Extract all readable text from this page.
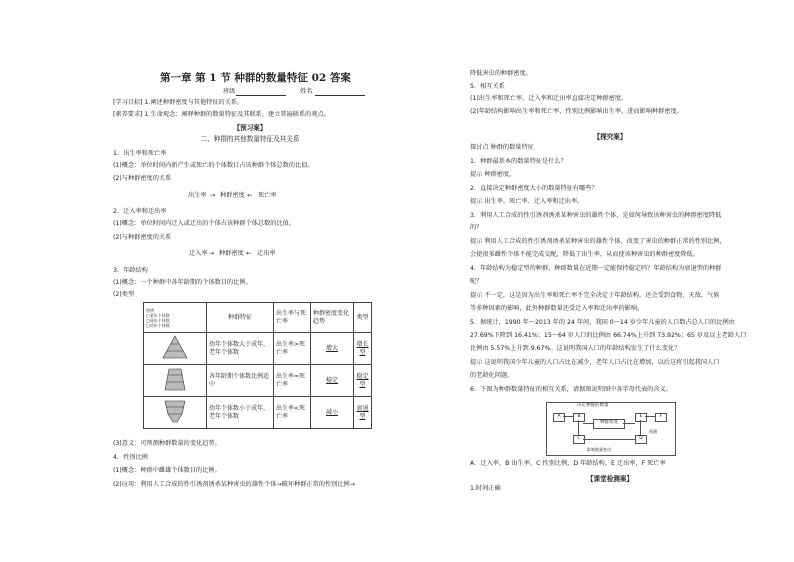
第一章 第 1 节 种群的数量特征 02 答案
班级	姓名
[学习目标] 1.阐述种群密度与其他特征的关系。
[素养要求] 1.生命观念：阐释种群的数量特征及其联系，建立普遍联系的观点。
【预习案】
二、种群的其他数量特征及其关系
1．出生率和死亡率
(1)概念：单位时间内新产生或死亡的个体数目占该种群个体总数的比值。
(2)与种群密度的关系
出生率 → 种群密度 ← 死亡率
2．迁入率和迁出率
(1)概念：单位时间内迁入或迁出的个体占该种群个体总数的比值。
(2)与种群密度的关系
迁入率 → 种群密度 ← 迁出率
3．年龄结构
(1)概念：一个种群中各年龄期的个体数目的比例。
(2)类型
图例
□老年个体数
□成年个体数
□幼年个体数	种群特征	出生率与死亡率	种群密度变化趋势	类型
	幼年个体数大于成年、老年个体数	出生率>死亡率	增大	增长型
	各年龄期个体数比例适中	出生率≈死亡率	稳定	稳定型
	幼年个体数小于成年、老年个体数	出生率<死亡率	减小	衰退型
(3)意义：可预测种群数量的变化趋势。
4．性别比例
(1)概念：种群中雌雄个体数目的比例。
(2)应用：利用人工合成的性引诱剂诱杀某种害虫的雄性个体→破坏种群正常的性别比例→
降低害虫的种群密度。
5．相互关系
(1)出生率和死亡率、迁入率和迁出率直接决定种群密度。
(2)年龄结构影响出生率和死亡率，性别比例影响出生率，进而影响种群密度。
【探究案】
探讨点 种群的数量特征
1．种群最基本的数量特征是什么？
提示 种群密度。
2．直接决定种群密度大小的数量特征有哪些？
提示 出生率、死亡率、迁入率和迁出率。
3．利用人工合成的性引诱剂诱杀某种害虫的雄性个体，是如何导致该种害虫的种群密度降低
的？
提示 利用人工合成的性引诱剂诱杀某种害虫的雄性个体，改变了害虫的种群正常的性别比例，
会使很多雌性个体不能完成交配，降低了出生率，从而使该种害虫的种群密度降低。
4．年龄结构为稳定型的种群，种群数量在近期一定能保持稳定吗？年龄结构为衰退型的种群
呢？
提示 不一定，这是因为出生率和死亡率不完全决定于年龄结构，还会受到食物、天敌、气候
等多种因素的影响，此外种群数量还受迁入率和迁出率的影响。
5．据统计，1990 年～2013 年的 24 年间，我国 0～14 岁少年儿童的人口数占总人口的比例由
27.69%下降到 16.41%；15～64 岁人口的比例由 66.74%上升到 73.92%；65 岁及以上老龄人口
比例由 5.57%上升到 9.67%。这说明我国人口的年龄结构发生了什么变化？
提示 这说明我国少年儿童的人口占比在减少，老年人口占比在增加，以后这将引起我国人口
的老龄化问题。
6．下图为种群数量特征的相互关系，请据图说明图中各字母代表的含义。
决定种群的数量
A	B
种群密度
C	D
E	F
预测
影响数量变动
A．迁入率，B 出生率，C 性别比例，D 年龄结构，E 迁出率，F 死亡率
【课堂检测案】
1.时间正确
